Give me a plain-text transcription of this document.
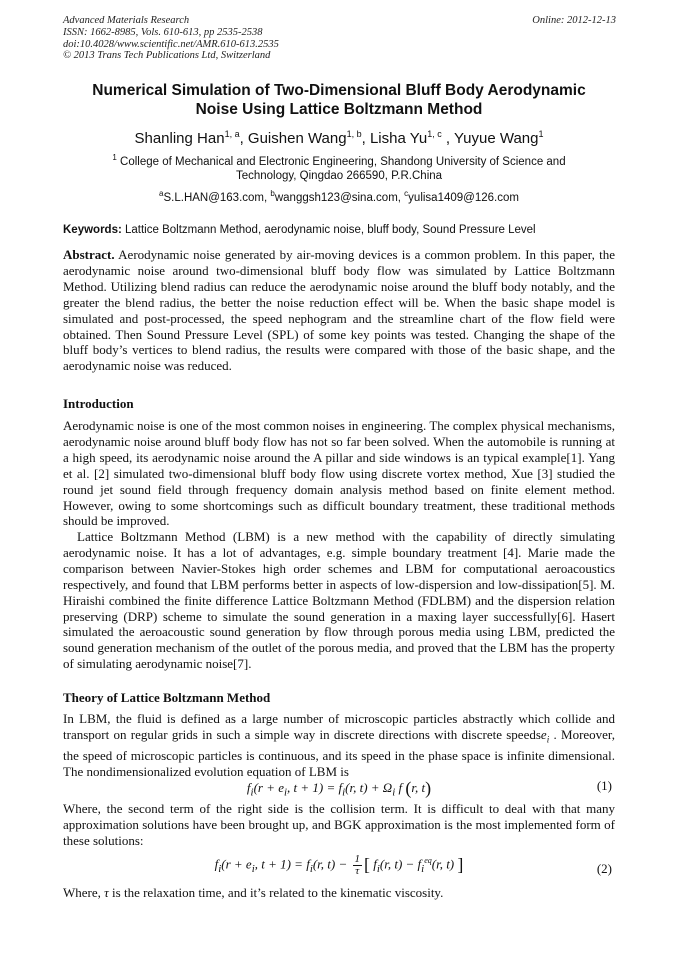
Advanced Materials Research
ISSN: 1662-8985, Vols. 610-613, pp 2535-2538
doi:10.4028/www.scientific.net/AMR.610-613.2535
© 2013 Trans Tech Publications Ltd, Switzerland
Online: 2012-12-13
Numerical Simulation of Two-Dimensional Bluff Body Aerodynamic
Noise Using Lattice Boltzmann Method
Shanling Han$^{1, a}$, Guishen Wang$^{1, b}$, Lisha Yu$^{1, c}$ , Yuyue Wang$^1$
$^1$ College of Mechanical and Electronic Engineering, Shandong University of Science and
Technology, Qingdao 266590, P.R.China
$^a$S.L.HAN@163.com, $^b$wanggsh123@sina.com, $^c$yulisa1409@126.com
Keywords: Lattice Boltzmann Method, aerodynamic noise, bluff body, Sound Pressure Level
Abstract. Aerodynamic noise generated by air-moving devices is a common problem. In this paper, the aerodynamic noise around two-dimensional bluff body flow was simulated by Lattice Boltzmann Method. Utilizing blend radius can reduce the aerodynamic noise around the bluff body notably, and the greater the blend radius, the better the noise reduction effect will be. When the basic shape model is simulated and post-processed, the speed nephogram and the streamline chart of the flow field were obtained. Then Sound Pressure Level (SPL) of some key points was tested. Changing the shape of the bluff body’s vertices to blend radius, the results were compared with those of the basic shape, and the aerodynamic noise was reduced.
Introduction
Aerodynamic noise is one of the most common noises in engineering. The complex physical mechanisms, aerodynamic noise around bluff body flow has not so far been solved. When the automobile is running at a high speed, its aerodynamic noise around the A pillar and side windows is an typical example[1]. Yang et al. [2] simulated two-dimensional bluff body flow using discrete vortex method, Xue [3] studied the round jet sound field through frequency domain analysis method based on finite element method. However, owing to some shortcomings such as difficult boundary treatment, these traditional methods should be improved.
Lattice Boltzmann Method (LBM) is a new method with the capability of directly simulating aerodynamic noise. It has a lot of advantages, e.g. simple boundary treatment [4]. Marie made the comparison between Navier-Stokes high order schemes and LBM for computational aeroacoustics respectively, and found that LBM performs better in aspects of low-dispersion and low-dissipation[5]. M. Hiraishi combined the finite difference Lattice Boltzmann Method (FDLBM) and the dispersion relation preserving (DRP) scheme to simulate the sound generation in a maxing layer successfully[6]. Hasert simulated the aeroacoustic sound generation by flow through porous media using LBM, predicted the sound generation mechanism of the outlet of the porous media, and proved that the LBM has the property of simulating aerodynamic noise[7].
Theory of Lattice Boltzmann Method
In LBM, the fluid is defined as a large number of microscopic particles abstractly which collide and transport on regular grids in such a simple way in discrete directions with discrete speedse$_i$ . Moreover, the speed of microscopic particles is continuous, and its speed in the phase space is infinite dimensional. The nondimensionalized evolution equation of LBM is
$f_i(r + e_i$, $t + 1) = f_i(r$, $t) + \Omega_i$ f (r, t)	(1)
Where, the second term of the right side is the collision term. It is difficult to deal with that many approximation solutions have been brought up, and BGK approximation is the most implemented form of these solutions:
$f_i(r + e_i$, $t + 1) = f_i(r$, $t) - \frac{1}{\tau}$ [ $f_i(r$, $t) - f_i^{eq}(r$, t) ]	(2)
Where, τ is the relaxation time, and it’s related to the kinematic viscosity.
